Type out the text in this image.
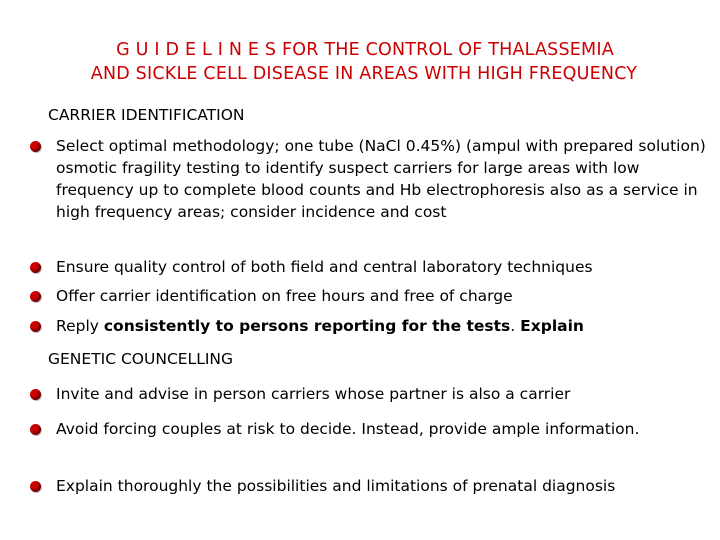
G U I D E L I N E S FOR THE CONTROL OF THALASSEMIA
AND SICKLE CELL DISEASE IN AREAS WITH HIGH FREQUENCY
CARRIER IDENTIFICATION
Select optimal methodology; one tube (NaCl 0.45%) (ampul with prepared solution) osmotic fragility testing to identify suspect carriers for large areas with low frequency up to complete blood counts and Hb electrophoresis also as a service in high frequency areas; consider incidence and cost
Ensure quality control of both field and central laboratory techniques
Offer carrier identification on free hours and free of charge
Reply consistently to persons reporting for the tests. Explain
GENETIC COUNCELLING
Invite and advise in person carriers whose partner is also a carrier
Avoid forcing couples at risk to decide. Instead, provide ample information.
Explain thoroughly the possibilities and limitations of prenatal diagnosis
